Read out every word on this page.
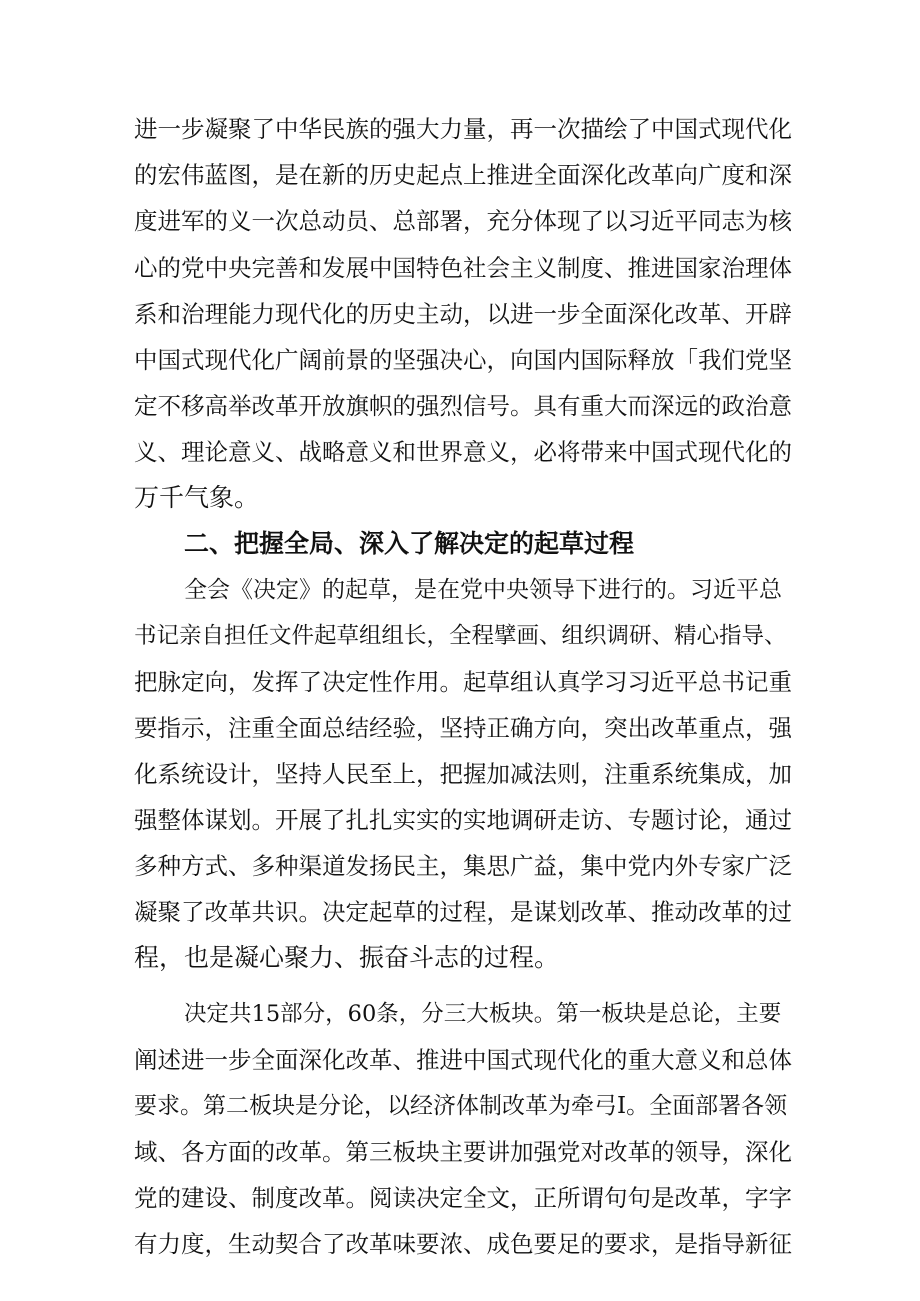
进一步凝聚了中华民族的强大力量，再一次描绘了中国式现代化
的宏伟蓝图，是在新的历史起点上推进全面深化改革向广度和深
度进军的义一次总动员、总部署，充分体现了以习近平同志为核
心的党中央完善和发展中国特色社会主义制度、推进国家治理体
系和治理能力现代化的历史主动，以进一步全面深化改革、开辟
中国式现代化广阔前景的坚强决心，向国内国际释放「我们党坚
定不移高举改革开放旗帜的强烈信号。具有重大而深远的政治意
义、理论意义、战略意义和世界意义，必将带来中国式现代化的
万千气象。
二、把握全局、深入了解决定的起草过程
全会《决定》的起草，是在党中央领导下进行的。习近平总
书记亲自担任文件起草组组长，全程擘画、组织调研、精心指导、
把脉定向，发挥了决定性作用。起草组认真学习习近平总书记重
要指示，注重全面总结经验，坚持正确方向，突出改革重点，强
化系统设计，坚持人民至上，把握加减法则，注重系统集成，加
强整体谋划。开展了扎扎实实的实地调研走访、专题讨论，通过
多种方式、多种渠道发扬民主，集思广益，集中党内外专家广泛
凝聚了改革共识。决定起草的过程，是谋划改革、推动改革的过
程，也是凝心聚力、振奋斗志的过程。
决定共15部分，60条，分三大板块。第一板块是总论，主要
阐述进一步全面深化改革、推进中国式现代化的重大意义和总体
要求。第二板块是分论，以经济体制改革为牵弓I。全面部署各领
域、各方面的改革。第三板块主要讲加强党对改革的领导，深化
党的建设、制度改革。阅读决定全文，正所谓句句是改革，字字
有力度，生动契合了改革味要浓、成色要足的要求，是指导新征
